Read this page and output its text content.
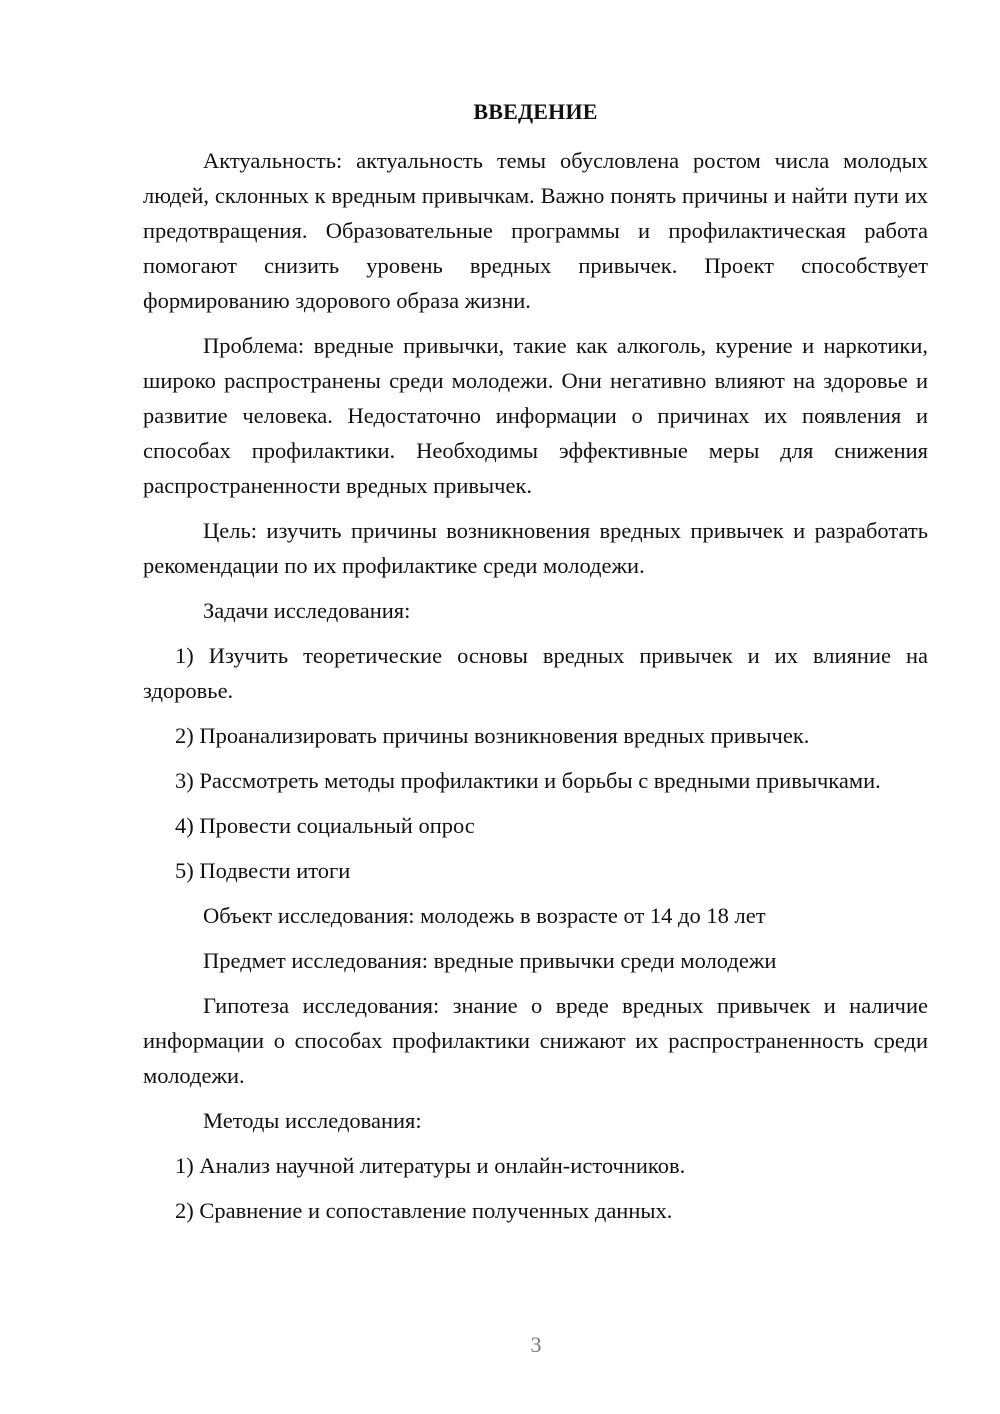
ВВЕДЕНИЕ

Актуальность: актуальность темы обусловлена ростом числа молодых людей, склонных к вредным привычкам. Важно понять причины и найти пути их предотвращения. Образовательные программы и профилактическая работа помогают снизить уровень вредных привычек. Проект способствует формированию здорового образа жизни.

Проблема: вредные привычки, такие как алкоголь, курение и наркотики, широко распространены среди молодежи. Они негативно влияют на здоровье и развитие человека. Недостаточно информации о причинах их появления и способах профилактики. Необходимы эффективные меры для снижения распространенности вредных привычек.

Цель: изучить причины возникновения вредных привычек и разработать рекомендации по их профилактике среди молодежи.

Задачи исследования:

1) Изучить теоретические основы вредных привычек и их влияние на здоровье.

2) Проанализировать причины возникновения вредных привычек.

3) Рассмотреть методы профилактики и борьбы с вредными привычками.

4) Провести социальный опрос

5) Подвести итоги

Объект исследования: молодежь в возрасте от 14 до 18 лет

Предмет исследования: вредные привычки среди молодежи

Гипотеза исследования: знание о вреде вредных привычек и наличие информации о способах профилактики снижают их распространенность среди молодежи.

Методы исследования:

1) Анализ научной литературы и онлайн-источников.

2) Сравнение и сопоставление полученных данных.

3
